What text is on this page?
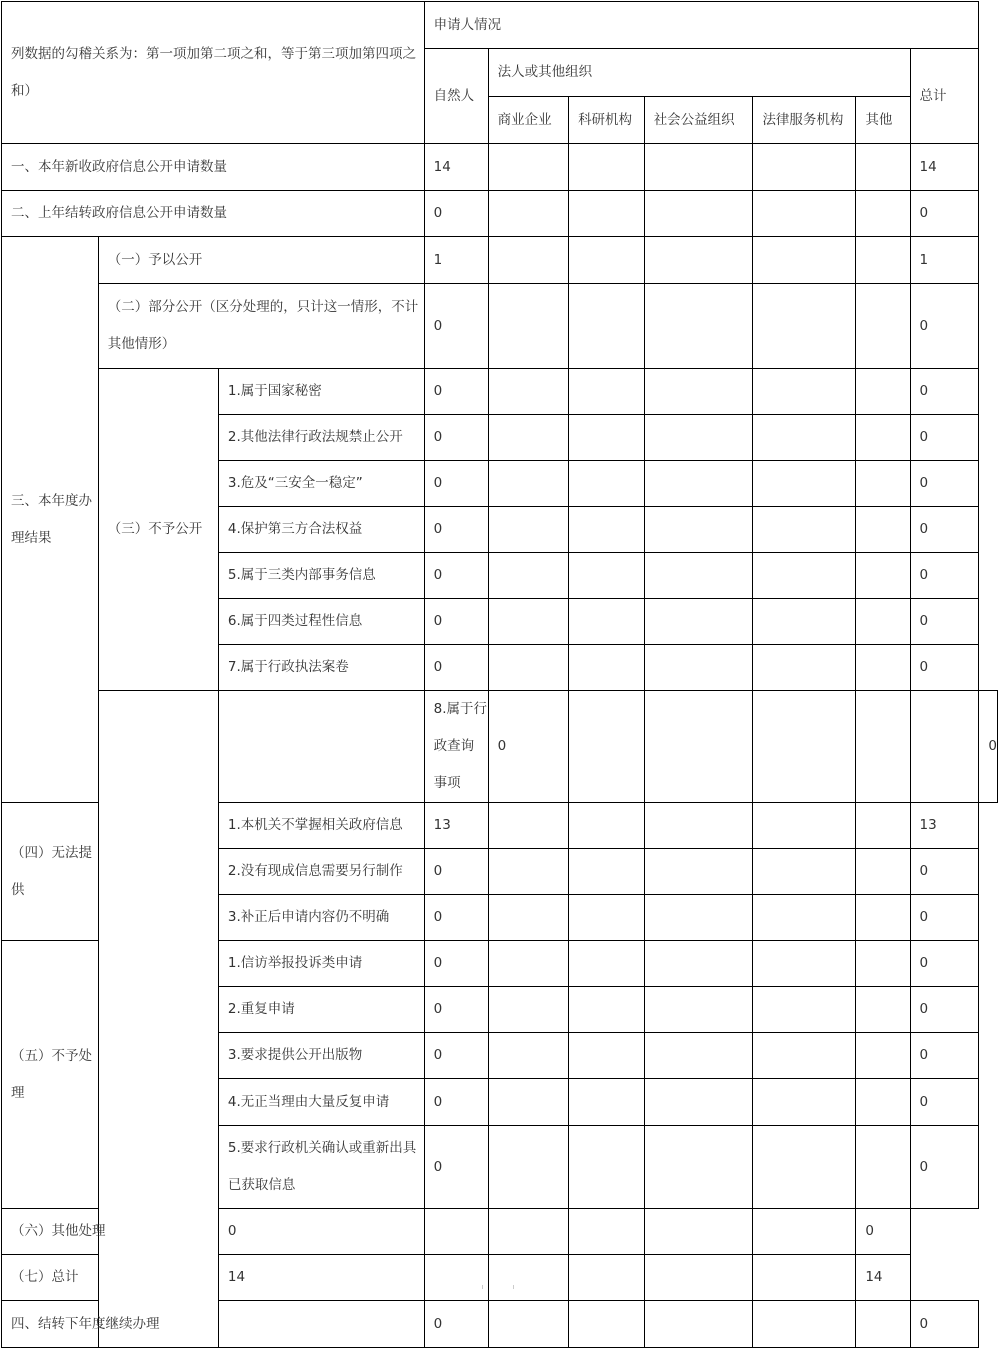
列数据的勾稽关系为：第一项加第二项之和，等于第三项加第四项之和）			申请人情况							
			自然人	法人或其他组织					总计	
				商业企业	科研机构	社会公益组织	法律服务机构	其他		
一、本年新收政府信息公开申请数量			14						14	
二、上年结转政府信息公开申请数量			0						0	
三、本年度办理结果	（一）予以公开		1						1	
	（二）部分公开（区分处理的，只计这一情形，不计其他情形）		0						0	
	（三）不予公开	1.属于国家秘密	0						0	
		2.其他法律行政法规禁止公开	0						0	
		3.危及“三安全一稳定”	0						0	
		4.保护第三方合法权益	0						0	
		5.属于三类内部事务信息	0						0	
		6.属于四类过程性信息	0						0	
		7.属于行政执法案卷	0						0	
			8.属于行政查询事项	0						0
（四）无法提供		1.本机关不掌握相关政府信息	13						13	
		2.没有现成信息需要另行制作	0						0	
		3.补正后申请内容仍不明确	0						0	
（五）不予处理		1.信访举报投诉类申请	0						0	
		2.重复申请	0						0	
		3.要求提供公开出版物	0						0	
		4.无正当理由大量反复申请	0						0	
		5.要求行政机关确认或重新出具已获取信息	0						0	
（六）其他处理		0						0		
（七）总计		14						14		
四、结转下年度继续办理			0						0	
